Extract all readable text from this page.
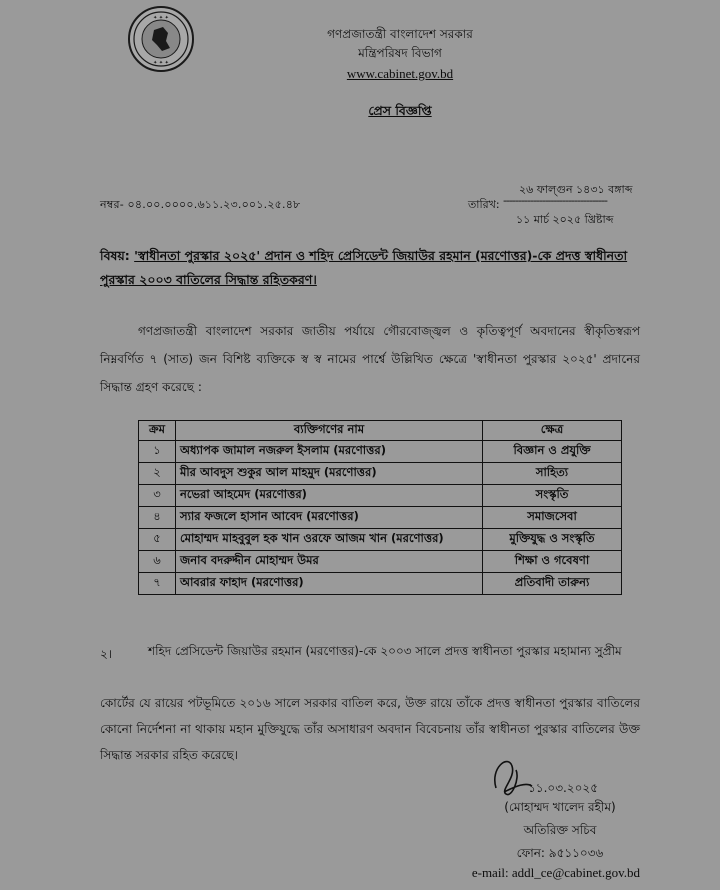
✦ ✦ ✦
✦ ✦ ✦
গণপ্রজাতন্ত্রী বাংলাদেশ সরকার
মন্ত্রিপরিষদ বিভাগ
www.cabinet.gov.bd
প্রেস বিজ্ঞপ্তি
নম্বর- ০৪.০০.০০০০.৬১১.২৩.০০১.২৫.৪৮
২৬ ফাল্গুন ১৪৩১ বঙ্গাব্দ
তারিখ: -----------------------------------
১১ মার্চ ২০২৫ খ্রিষ্টাব্দ
বিষয়: 'স্বাধীনতা পুরস্কার ২০২৫' প্রদান ও শহিদ প্রেসিডেন্ট জিয়াউর রহমান (মরণোত্তর)-কে প্রদত্ত স্বাধীনতা পুরস্কার ২০০৩ বাতিলের সিদ্ধান্ত রহিতকরণ।
গণপ্রজাতন্ত্রী বাংলাদেশ সরকার জাতীয় পর্যায়ে গৌরবোজ্জ্বল ও কৃতিত্বপূর্ণ অবদানের স্বীকৃতিস্বরূপ নিম্নবর্ণিত ৭ (সাত) জন বিশিষ্ট ব্যক্তিকে স্ব স্ব নামের পার্শ্বে উল্লিখিত ক্ষেত্রে 'স্বাধীনতা পুরস্কার ২০২৫' প্রদানের সিদ্ধান্ত গ্রহণ করেছে :
ক্রম	ব্যক্তিগণের নাম	ক্ষেত্র
১	অধ্যাপক জামাল নজরুল ইসলাম (মরণোত্তর)	বিজ্ঞান ও প্রযুক্তি
২	মীর আবদুস শুকুর আল মাহমুদ (মরণোত্তর)	সাহিত্য
৩	নভেরা আহমেদ (মরণোত্তর)	সংস্কৃতি
৪	স্যার ফজলে হাসান আবেদ (মরণোত্তর)	সমাজসেবা
৫	মোহাম্মদ মাহবুবুল হক খান ওরফে আজম খান (মরণোত্তর)	মুক্তিযুদ্ধ ও সংস্কৃতি
৬	জনাব বদরুদ্দীন মোহাম্মদ উমর	শিক্ষা ও গবেষণা
৭	আবরার ফাহাদ (মরণোত্তর)	প্রতিবাদী তারুন্য
২।	শহিদ প্রেসিডেন্ট জিয়াউর রহমান (মরণোত্তর)-কে ২০০৩ সালে প্রদত্ত স্বাধীনতা পুরস্কার মহামান্য সুপ্রীম

কোর্টের যে রায়ের পটভূমিতে ২০১৬ সালে সরকার বাতিল করে, উক্ত রায়ে তাঁকে প্রদত্ত স্বাধীনতা পুরস্কার বাতিলের কোনো নির্দেশনা না থাকায় মহান মুক্তিযুদ্ধে তাঁর অসাধারণ অবদান বিবেচনায় তাঁর স্বাধীনতা পুরস্কার বাতিলের উক্ত সিদ্ধান্ত সরকার রহিত করেছে।
১১.০৩.২০২৫
(মোহাম্মদ খালেদ রহীম)
অতিরিক্ত সচিব
ফোন: ৯৫১১০৩৬
e-mail: addl_ce@cabinet.gov.bd
